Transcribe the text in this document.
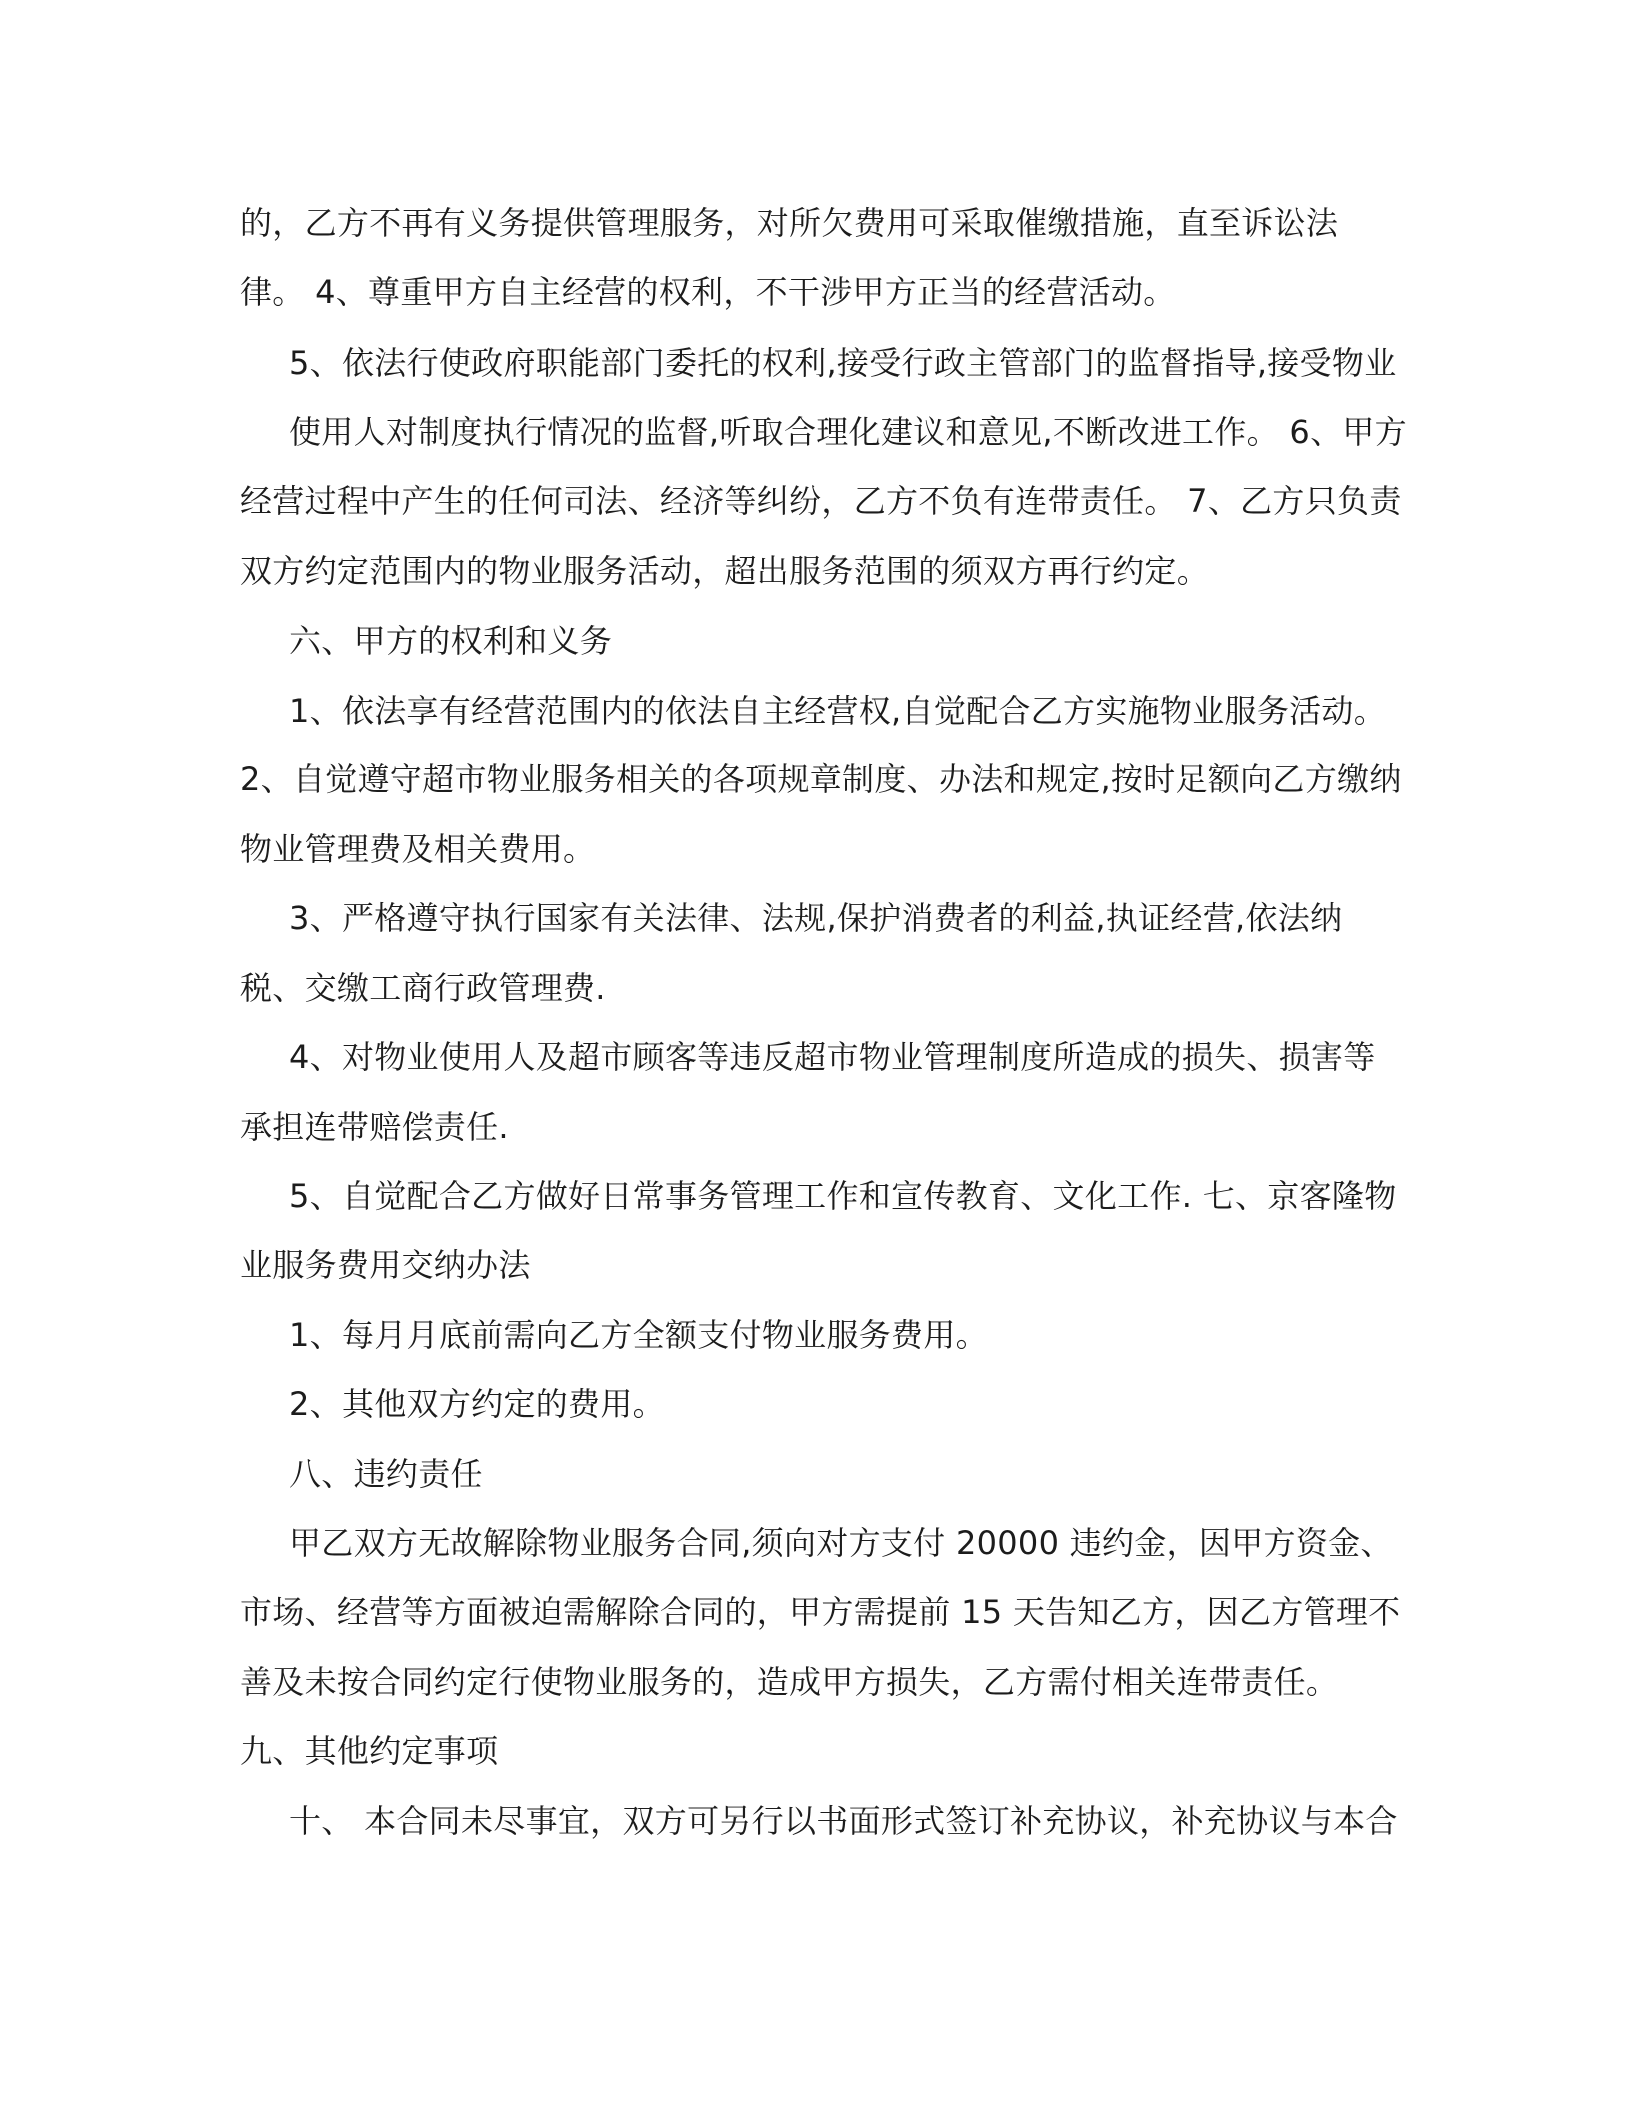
的，乙方不再有义务提供管理服务，对所欠费用可采取催缴措施，直至诉讼法

律。 4、尊重甲方自主经营的权利，不干涉甲方正当的经营活动。

5、依法行使政府职能部门委托的权利,接受行政主管部门的监督指导,接受物业

使用人对制度执行情况的监督,听取合理化建议和意见,不断改进工作。 6、甲方

经营过程中产生的任何司法、经济等纠纷，乙方不负有连带责任。 7、乙方只负责

双方约定范围内的物业服务活动，超出服务范围的须双方再行约定。

六、甲方的权利和义务

1、依法享有经营范围内的依法自主经营权,自觉配合乙方实施物业服务活动。

2、自觉遵守超市物业服务相关的各项规章制度、办法和规定,按时足额向乙方缴纳

物业管理费及相关费用。

3、严格遵守执行国家有关法律、法规,保护消费者的利益,执证经营,依法纳

税、交缴工商行政管理费.

4、对物业使用人及超市顾客等违反超市物业管理制度所造成的损失、损害等

承担连带赔偿责任.

5、自觉配合乙方做好日常事务管理工作和宣传教育、文化工作. 七、京客隆物

业服务费用交纳办法

1、每月月底前需向乙方全额支付物业服务费用。

2、其他双方约定的费用。

八、违约责任

甲乙双方无故解除物业服务合同,须向对方支付 20000 违约金，因甲方资金、

市场、经营等方面被迫需解除合同的，甲方需提前 15 天告知乙方，因乙方管理不

善及未按合同约定行使物业服务的，造成甲方损失，乙方需付相关连带责任。

九、其他约定事项

十、 本合同未尽事宜，双方可另行以书面形式签订补充协议，补充协议与本合
